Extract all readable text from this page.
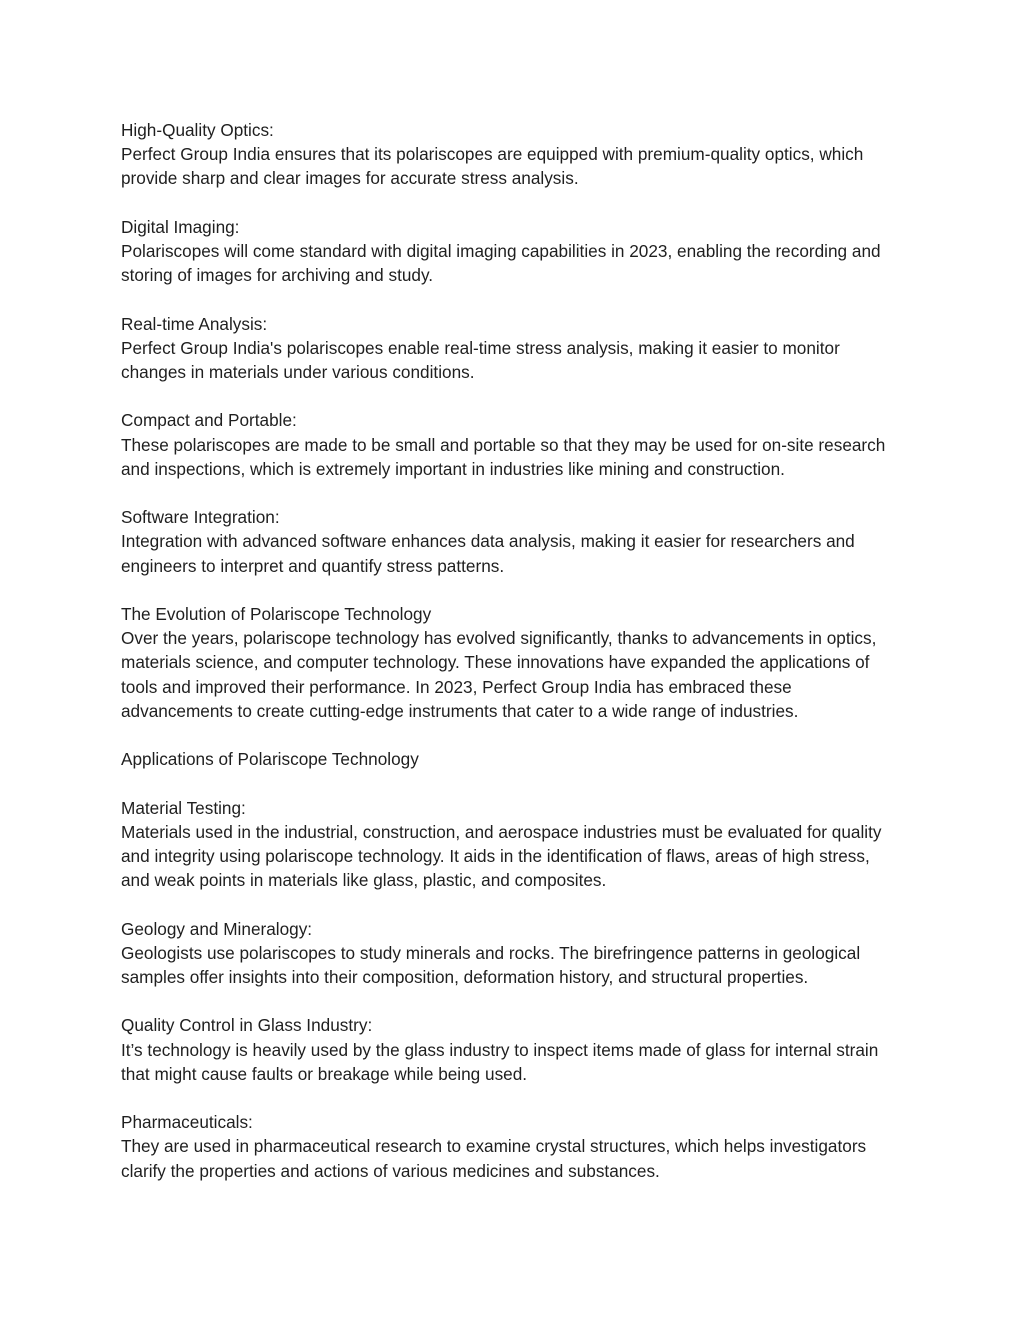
High-Quality Optics:
Perfect Group India ensures that its polariscopes are equipped with premium-quality optics, which
provide sharp and clear images for accurate stress analysis.
Digital Imaging:
Polariscopes will come standard with digital imaging capabilities in 2023, enabling the recording and
storing of images for archiving and study.
Real-time Analysis:
Perfect Group India's polariscopes enable real-time stress analysis, making it easier to monitor
changes in materials under various conditions.
Compact and Portable:
These polariscopes are made to be small and portable so that they may be used for on-site research
and inspections, which is extremely important in industries like mining and construction.
Software Integration:
Integration with advanced software enhances data analysis, making it easier for researchers and
engineers to interpret and quantify stress patterns.
The Evolution of Polariscope Technology
Over the years, polariscope technology has evolved significantly, thanks to advancements in optics,
materials science, and computer technology. These innovations have expanded the applications of
tools and improved their performance. In 2023, Perfect Group India has embraced these
advancements to create cutting-edge instruments that cater to a wide range of industries.
Applications of Polariscope Technology
Material Testing:
Materials used in the industrial, construction, and aerospace industries must be evaluated for quality
and integrity using polariscope technology. It aids in the identification of flaws, areas of high stress,
and weak points in materials like glass, plastic, and composites.
Geology and Mineralogy:
Geologists use polariscopes to study minerals and rocks. The birefringence patterns in geological
samples offer insights into their composition, deformation history, and structural properties.
Quality Control in Glass Industry:
It’s technology is heavily used by the glass industry to inspect items made of glass for internal strain
that might cause faults or breakage while being used.
Pharmaceuticals:
They are used in pharmaceutical research to examine crystal structures, which helps investigators
clarify the properties and actions of various medicines and substances.
